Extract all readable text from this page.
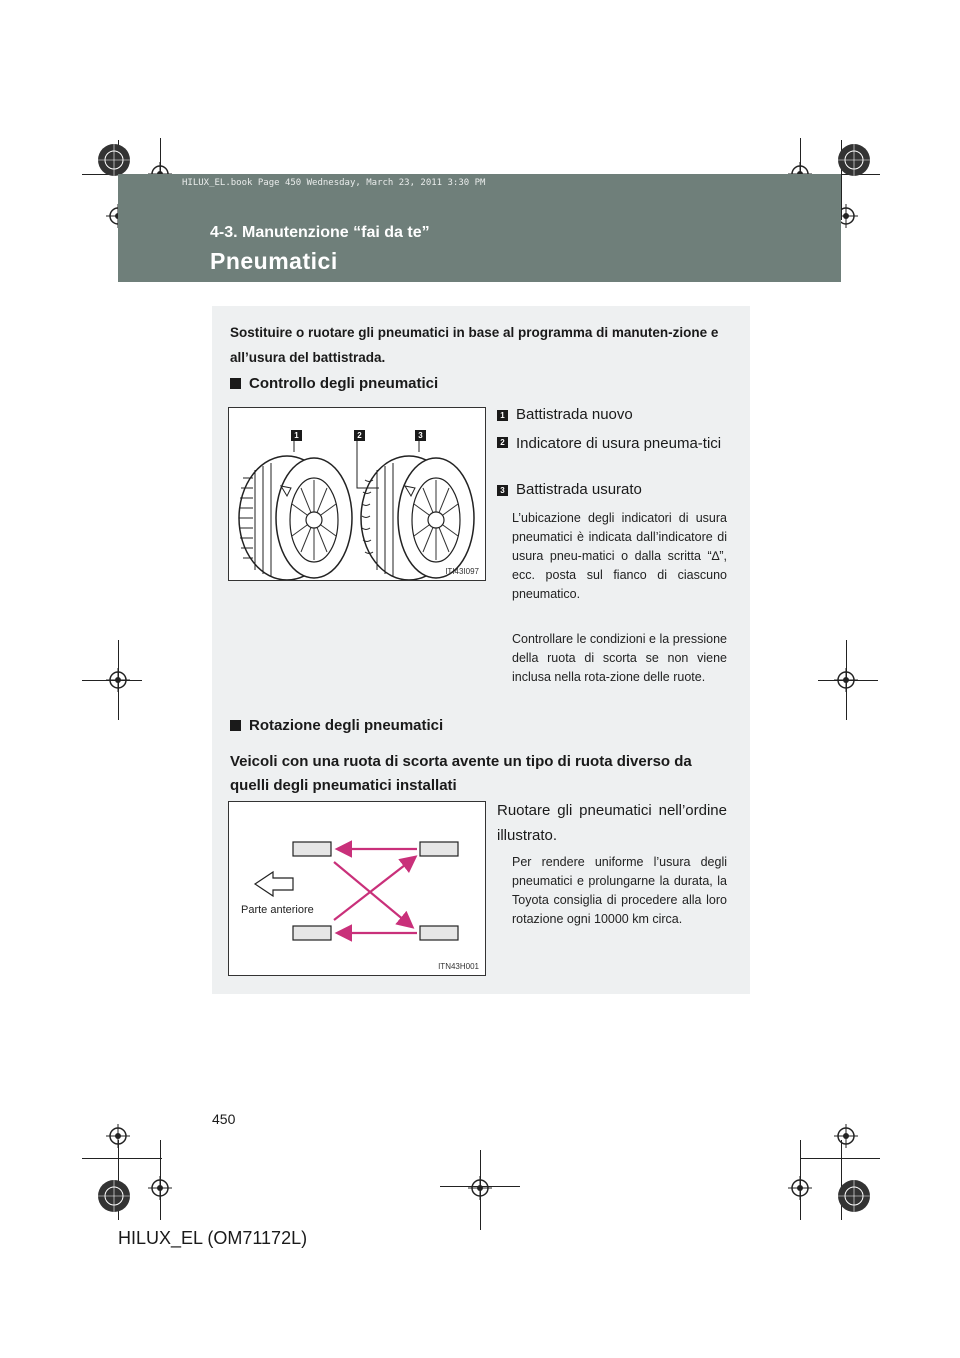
HILUX_EL.book Page 450 Wednesday, March 23, 2011 3:30 PM
4-3. Manutenzione “fai da te”
Pneumatici
Sostituire o ruotare gli pneumatici in base al programma di manuten-zione e all’usura del battistrada.
Controllo degli pneumatici
1	2	3
ITI43I097
1 Battistrada nuovo
2 Indicatore di usura pneuma-tici
3 Battistrada usurato
L’ubicazione degli indicatori di usura pneumatici è indicata dall’indicatore di usura pneu-matici o dalla scritta “∆”, ecc. posta sul fianco di ciascuno pneumatico.
Controllare le condizioni e la pressione della ruota di scorta se non viene inclusa nella rota-zione delle ruote.
Rotazione degli pneumatici
Veicoli con una ruota di scorta avente un tipo di ruota diverso da quelli degli pneumatici installati
Parte anteriore
ITN43H001
Ruotare gli pneumatici nell’ordine illustrato.
Per rendere uniforme l’usura degli pneumatici e prolungarne la durata, la Toyota consiglia di procedere alla loro rotazione ogni 10000 km circa.
450
HILUX_EL (OM71172L)
